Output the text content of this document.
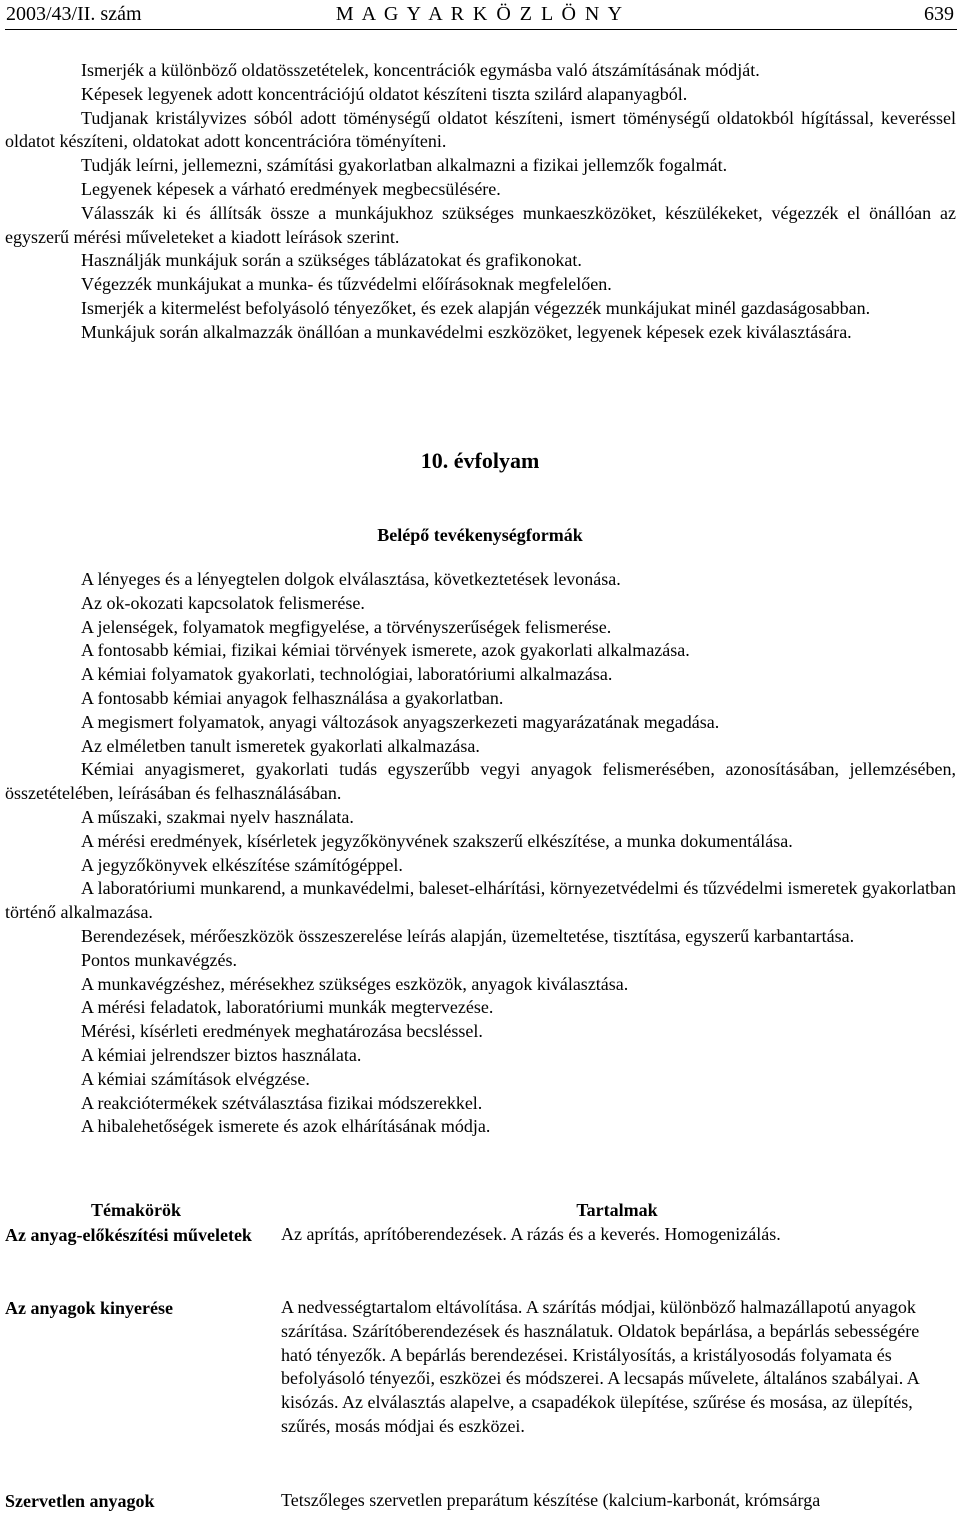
2003/43/II. szám	M A G Y A R K Ö Z L Ö N Y	639

Ismerjék a különböző oldatösszetételek, koncentrációk egymásba való átszámításának módját.

Képesek legyenek adott koncentrációjú oldatot készíteni tiszta szilárd alapanyagból.

Tudjanak kristályvizes sóból adott töménységű oldatot készíteni, ismert töménységű oldatokból hígítással, keveréssel oldatot készíteni, oldatokat adott koncentrációra töményíteni.

Tudják leírni, jellemezni, számítási gyakorlatban alkalmazni a fizikai jellemzők fogalmát.

Legyenek képesek a várható eredmények megbecsülésére.

Válasszák ki és állítsák össze a munkájukhoz szükséges munkaeszközöket, készülékeket, végezzék el önállóan az egyszerű mérési műveleteket a kiadott leírások szerint.

Használják munkájuk során a szükséges táblázatokat és grafikonokat.

Végezzék munkájukat a munka- és tűzvédelmi előírásoknak megfelelően.

Ismerjék a kitermelést befolyásoló tényezőket, és ezek alapján végezzék munkájukat minél gazdaságosabban.

Munkájuk során alkalmazzák önállóan a munkavédelmi eszközöket, legyenek képesek ezek kiválasztására.

10. évfolyam
Belépő tevékenységformák

A lényeges és a lényegtelen dolgok elválasztása, következtetések levonása.

Az ok-okozati kapcsolatok felismerése.

A jelenségek, folyamatok megfigyelése, a törvényszerűségek felismerése.

A fontosabb kémiai, fizikai kémiai törvények ismerete, azok gyakorlati alkalmazása.

A kémiai folyamatok gyakorlati, technológiai, laboratóriumi alkalmazása.

A fontosabb kémiai anyagok felhasználása a gyakorlatban.

A megismert folyamatok, anyagi változások anyagszerkezeti magyarázatának megadása.

Az elméletben tanult ismeretek gyakorlati alkalmazása.

Kémiai anyagismeret, gyakorlati tudás egyszerűbb vegyi anyagok felismerésében, azonosításában, jellemzésében, összetételében, leírásában és felhasználásában.

A műszaki, szakmai nyelv használata.

A mérési eredmények, kísérletek jegyzőkönyvének szakszerű elkészítése, a munka dokumentálása.

A jegyzőkönyvek elkészítése számítógéppel.

A laboratóriumi munkarend, a munkavédelmi, baleset-elhárítási, környezetvédelmi és tűzvédelmi ismeretek gyakorlatban történő alkalmazása.

Berendezések, mérőeszközök összeszerelése leírás alapján, üzemeltetése, tisztítása, egyszerű karbantartása.

Pontos munkavégzés.

A munkavégzéshez, mérésekhez szükséges eszközök, anyagok kiválasztása.

A mérési feladatok, laboratóriumi munkák megtervezése.

Mérési, kísérleti eredmények meghatározása becsléssel.

A kémiai jelrendszer biztos használata.

A kémiai számítások elvégzése.

A reakciótermékek szétválasztása fizikai módszerekkel.

A hibalehetőségek ismerete és azok elhárításának módja.

Témakörök	Tartalmak
Az anyag-előkészítési műveletek	Az aprítás, aprítóberendezések. A rázás és a keverés. Homogenizálás.
Az anyagok kinyerése	A nedvességtartalom eltávolítása. A szárítás módjai, különböző halmazállapotú anyagok szárítása. Szárítóberendezések és használatuk. Oldatok bepárlása, a bepárlás sebességére ható tényezők. A bepárlás berendezései. Kristályosítás, a kristályosodás folyamata és befolyásoló tényezői, eszközei és módszerei. A lecsapás művelete, általános szabályai. A kisózás. Az elválasztás alapelve, a csapadékok ülepítése, szűrése és mosása, az ülepítés, szűrés, mosás módjai és eszközei.
Szervetlen anyagok	Tetszőleges szervetlen preparátum készítése (kalcium-karbonát, krómsárga
